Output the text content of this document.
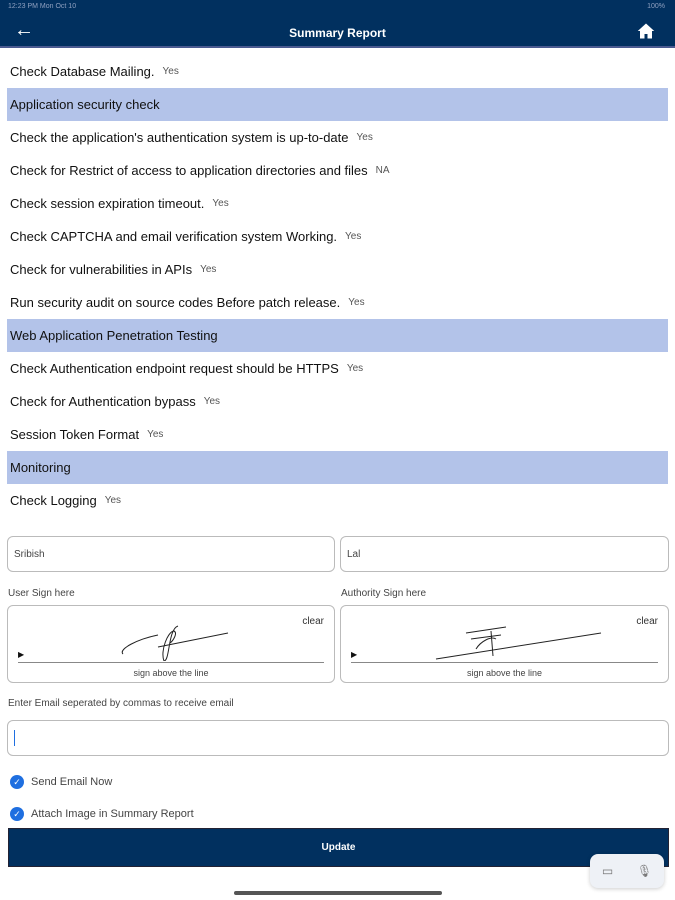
12:23 PM Mon Oct 10	100%
←	Summary Report
Check Database Mailing. Yes
Application security check
Check the application's authentication system is up-to-date Yes
Check for Restrict of access to application directories and files NA
Check session expiration timeout. Yes
Check CAPTCHA and email verification system Working. Yes
Check for vulnerabilities in APIs Yes
Run security audit on source codes Before patch release. Yes
Web Application Penetration Testing
Check Authentication endpoint request should be HTTPS Yes
Check for Authentication bypass Yes
Session Token Format Yes
Monitoring
Check Logging Yes
Sribish	Lal
User Sign here	Authority Sign here
clear
▶
sign above the line
clear
▶
sign above the line
Enter Email seperated by commas to receive email
✓ Send Email Now
✓ Attach Image in Summary Report
Update
▭ 🎙
